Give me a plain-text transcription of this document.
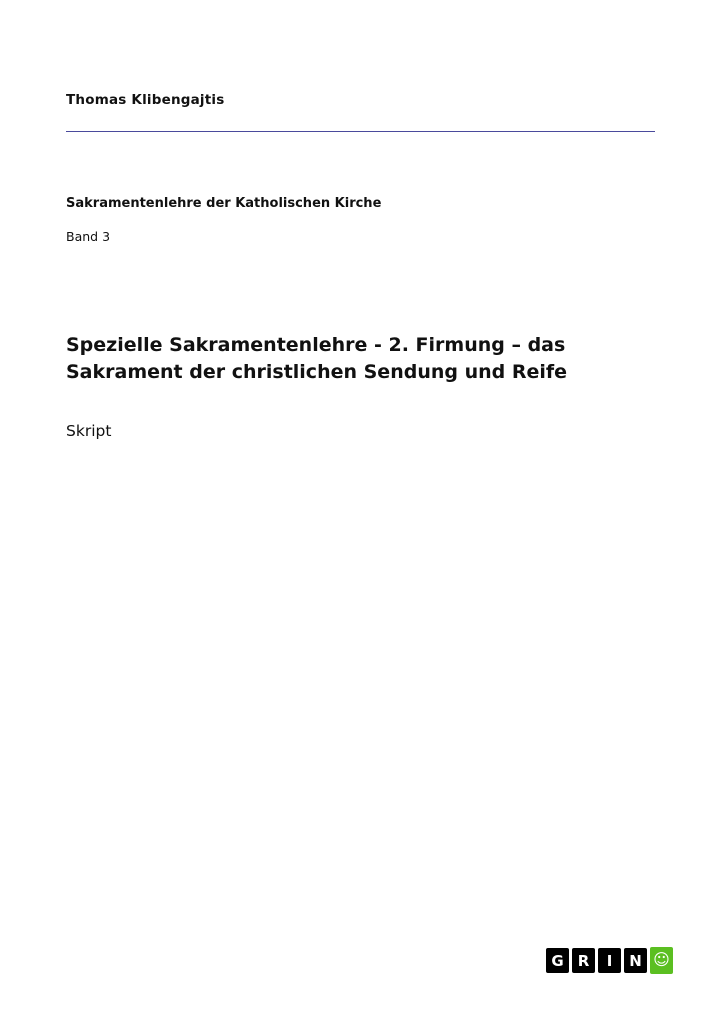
Thomas Klibengajtis
Sakramentenlehre der Katholischen Kirche
Band 3
Spezielle Sakramentenlehre - 2. Firmung – das Sakrament der christlichen Sendung und Reife
Skript
G R	I	N ☺
